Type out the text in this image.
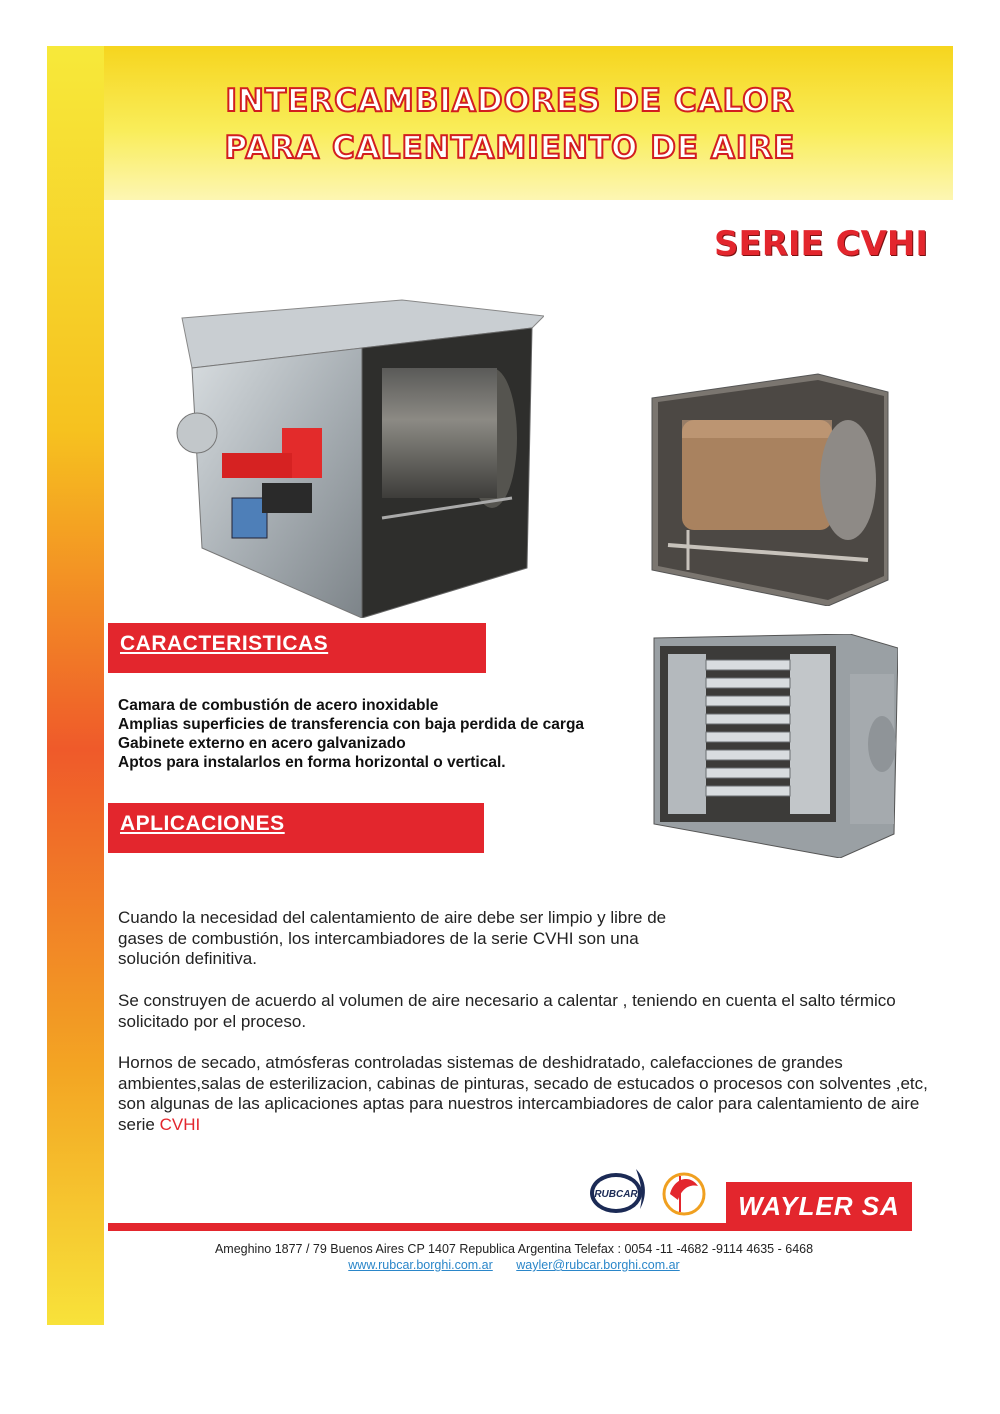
INTERCAMBIADORES DE CALOR
PARA CALENTAMIENTO DE AIRE
SERIE CVHI
CARACTERISTICAS
Camara de combustión de acero inoxidable
Amplias superficies de transferencia con baja perdida de carga
Gabinete externo en acero galvanizado
Aptos para instalarlos en forma horizontal o vertical.
APLICACIONES

Cuando la necesidad del calentamiento de aire debe ser limpio y libre de gases de combustión, los intercambiadores de la serie CVHI son una solución definitiva.

Se construyen de acuerdo al volumen de aire necesario a calentar , teniendo en cuenta el salto térmico solicitado por el proceso.

Hornos de secado, atmósferas controladas sistemas de deshidratado, calefacciones de grandes ambientes,salas de esterilizacion, cabinas de pinturas, secado de estucados o procesos con solventes ,etc, son algunas de las aplicaciones aptas para nuestros intercambiadores de calor para calentamiento de aire serie CVHI

RUBCAR	WAYLER SA
Ameghino 1877 / 79 Buenos Aires CP 1407 Republica Argentina Telefax : 0054 -11 -4682 -9114 4635 - 6468
www.rubcar.borghi.com.ar wayler@rubcar.borghi.com.ar
